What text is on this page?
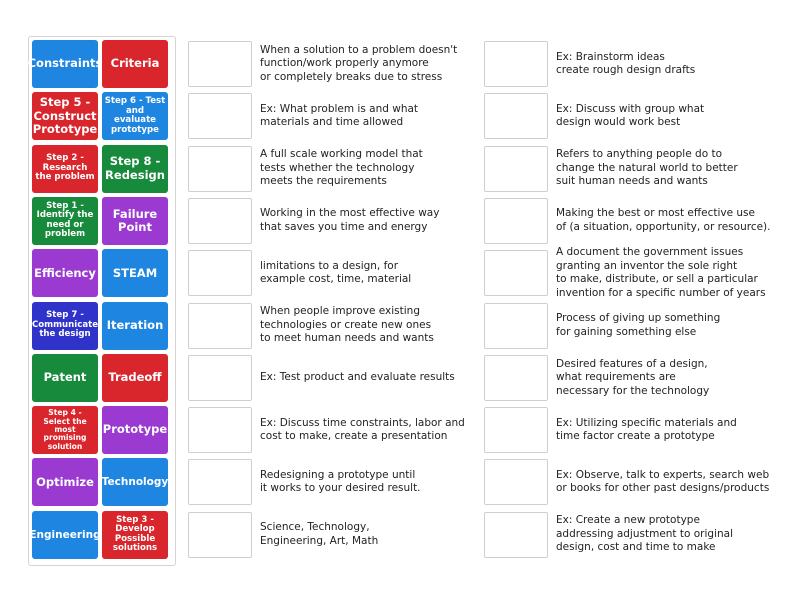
Constraints Criteria
Step 5 - Construct Prototype
Step 6 - Test and evaluate prototype
Step 2 - Research the problem
Step 8 - Redesign
Step 1 - Identify the need or problem
Failure Point
Efficiency	STEAM
Step 7 - Communicate the design
Iteration
Patent	Tradeoff
Step 4 - Select the most promising solution
Prototype
Optimize Technology
Engineering
Step 3 - Develop Possible solutions
When a solution to a problem doesn't
function/work properly anymore
or completely breaks due to stress
Ex: What problem is and what
materials and time allowed
A full scale working model that
tests whether the technology
meets the requirements
Working in the most effective way
that saves you time and energy
limitations to a design, for
example cost, time, material
When people improve existing
technologies or create new ones
to meet human needs and wants
Ex: Test product and evaluate results
Ex: Discuss time constraints, labor and
cost to make, create a presentation
Redesigning a prototype until
it works to your desired result.
Science, Technology,
Engineering, Art, Math
Ex: Brainstorm ideas
create rough design drafts
Ex: Discuss with group what
design would work best
Refers to anything people do to
change the natural world to better
suit human needs and wants
Making the best or most effective use
of (a situation, opportunity, or resource).
A document the government issues
granting an inventor the sole right
to make, distribute, or sell a particular
invention for a specific number of years
Process of giving up something
for gaining something else
Desired features of a design,
what requirements are
necessary for the technology
Ex: Utilizing specific materials and
time factor create a prototype
Ex: Observe, talk to experts, search web
or books for other past designs/products
Ex: Create a new prototype
addressing adjustment to original
design, cost and time to make
